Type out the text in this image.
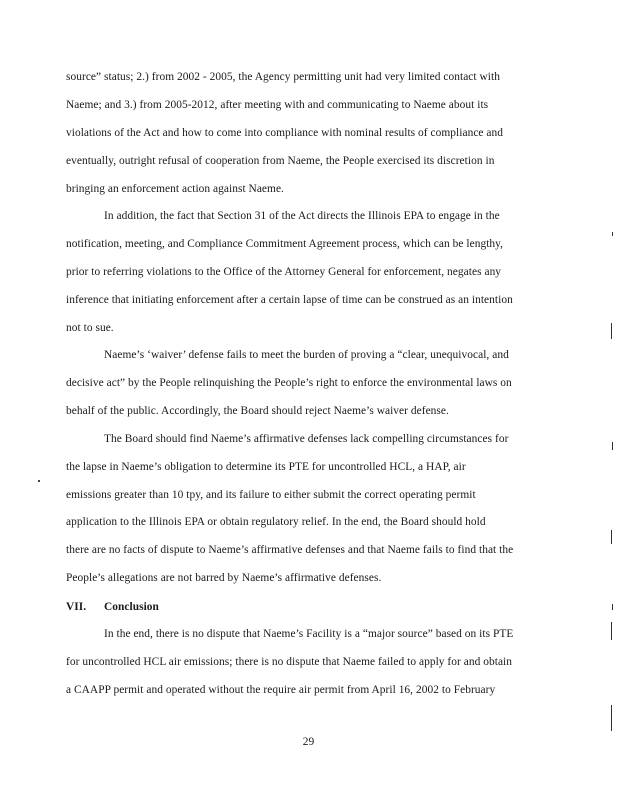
source” status; 2.) from 2002 - 2005, the Agency permitting unit had very limited contact with
Naeme; and 3.) from 2005-2012, after meeting with and communicating to Naeme about its
violations of the Act and how to come into compliance with nominal results of compliance and
eventually, outright refusal of cooperation from Naeme, the People exercised its discretion in
bringing an enforcement action against Naeme.
In addition, the fact that Section 31 of the Act directs the Illinois EPA to engage in the
notification, meeting, and Compliance Commitment Agreement process, which can be lengthy,
prior to referring violations to the Office of the Attorney General for enforcement, negates any
inference that initiating enforcement after a certain lapse of time can be construed as an intention
not to sue.
Naeme’s ‘waiver’ defense fails to meet the burden of proving a “clear, unequivocal, and
decisive act” by the People relinquishing the People’s right to enforce the environmental laws on
behalf of the public. Accordingly, the Board should reject Naeme’s waiver defense.
The Board should find Naeme’s affirmative defenses lack compelling circumstances for
the lapse in Naeme’s obligation to determine its PTE for uncontrolled HCL, a HAP, air
emissions greater than 10 tpy, and its failure to either submit the correct operating permit
application to the Illinois EPA or obtain regulatory relief. In the end, the Board should hold
there are no facts of dispute to Naeme’s affirmative defenses and that Naeme fails to find that the
People’s allegations are not barred by Naeme’s affirmative defenses.
VII. Conclusion
In the end, there is no dispute that Naeme’s Facility is a “major source” based on its PTE
for uncontrolled HCL air emissions; there is no dispute that Naeme failed to apply for and obtain
a CAAPP permit and operated without the require air permit from April 16, 2002 to February
29
